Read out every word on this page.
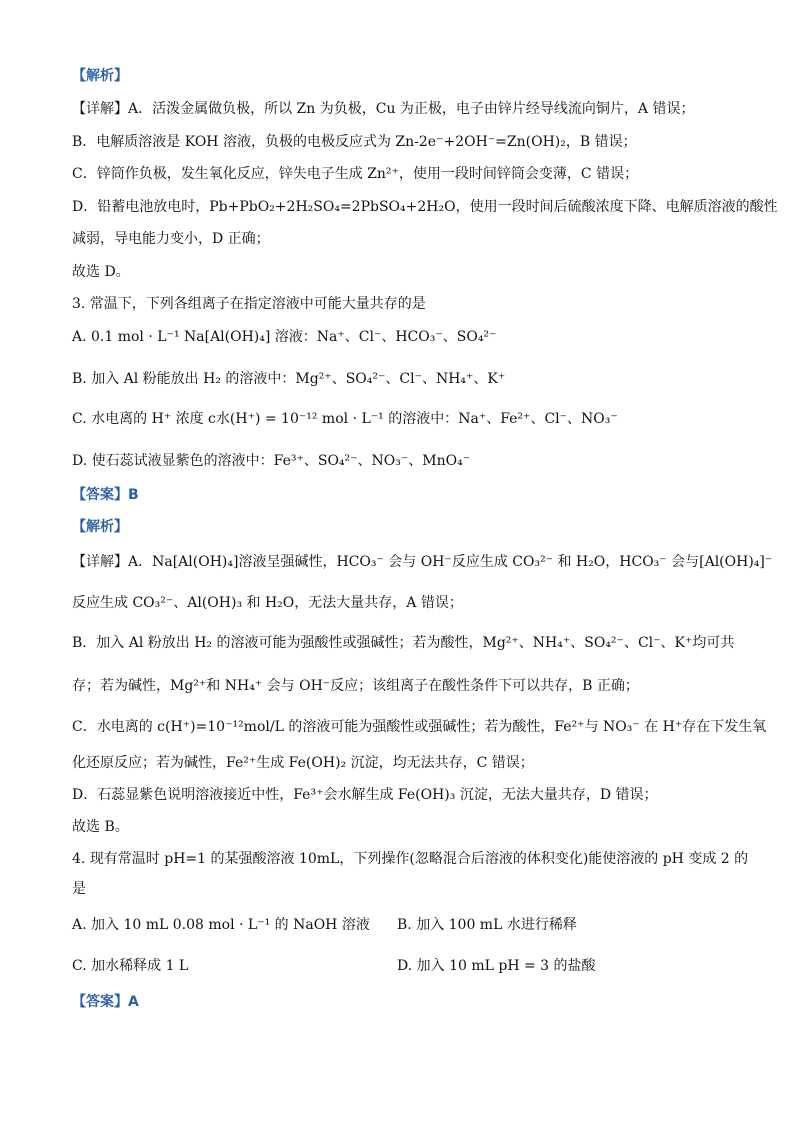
【解析】
【详解】A．活泼金属做负极，所以 Zn 为负极，Cu 为正极，电子由锌片经导线流向铜片，A 错误；
B．电解质溶液是 KOH 溶液，负极的电极反应式为 Zn-2e⁻+2OH⁻=Zn(OH)₂，B 错误；
C．锌筒作负极，发生氧化反应，锌失电子生成 Zn²⁺，使用一段时间锌筒会变薄，C 错误；
D．铅蓄电池放电时，Pb+PbO₂+2H₂SO₄=2PbSO₄+2H₂O，使用一段时间后硫酸浓度下降、电解质溶液的酸性
减弱，导电能力变小，D 正确；
故选 D。
3. 常温下，下列各组离子在指定溶液中可能大量共存的是
A. 0.1 mol · L⁻¹ Na[Al(OH)₄] 溶液：Na⁺、Cl⁻、HCO₃⁻、SO₄²⁻
B. 加入 Al 粉能放出 H₂ 的溶液中：Mg²⁺、SO₄²⁻、Cl⁻、NH₄⁺、K⁺
C. 水电离的 H⁺ 浓度 c水(H⁺) = 10⁻¹² mol · L⁻¹ 的溶液中：Na⁺、Fe²⁺、Cl⁻、NO₃⁻
D. 使石蕊试液显紫色的溶液中：Fe³⁺、SO₄²⁻、NO₃⁻、MnO₄⁻
【答案】B
【解析】
【详解】A．Na[Al(OH)₄]溶液呈强碱性，HCO₃⁻ 会与 OH⁻反应生成 CO₃²⁻ 和 H₂O，HCO₃⁻ 会与[Al(OH)₄]⁻
反应生成 CO₃²⁻、Al(OH)₃ 和 H₂O，无法大量共存，A 错误；
B．加入 Al 粉放出 H₂ 的溶液可能为强酸性或强碱性；若为酸性，Mg²⁺、NH₄⁺、SO₄²⁻、Cl⁻、K⁺均可共
存；若为碱性，Mg²⁺和 NH₄⁺ 会与 OH⁻反应；该组离子在酸性条件下可以共存，B 正确；
C．水电离的 c(H⁺)=10⁻¹²mol/L 的溶液可能为强酸性或强碱性；若为酸性，Fe²⁺与 NO₃⁻ 在 H⁺存在下发生氧
化还原反应；若为碱性，Fe²⁺生成 Fe(OH)₂ 沉淀，均无法共存，C 错误；
D．石蕊显紫色说明溶液接近中性，Fe³⁺会水解生成 Fe(OH)₃ 沉淀，无法大量共存，D 错误；
故选 B。
4. 现有常温时 pH=1 的某强酸溶液 10mL，下列操作(忽略混合后溶液的体积变化)能使溶液的 pH 变成 2 的
是
A. 加入 10 mL 0.08 mol · L⁻¹ 的 NaOH 溶液 B. 加入 100 mL 水进行稀释
C. 加水稀释成 1 L	D. 加入 10 mL pH = 3 的盐酸
【答案】A
